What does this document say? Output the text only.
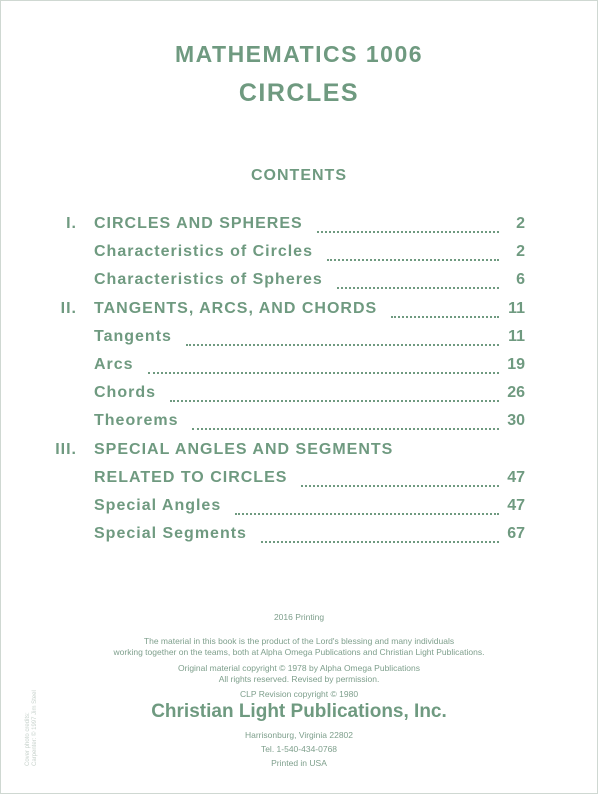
MATHEMATICS 1006
CIRCLES
CONTENTS
I. CIRCLES AND SPHERES	2
Characteristics of Circles	2
Characteristics of Spheres	6
II. TANGENTS, ARCS, AND CHORDS	11
Tangents	11
Arcs	19
Chords	26
Theorems	30
III. SPECIAL ANGLES AND SEGMENTS
RELATED TO CIRCLES	47
Special Angles	47
Special Segments	67
2016 Printing
The material in this book is the product of the Lord's blessing and many individuals
working together on the teams, both at Alpha Omega Publications and Christian Light Publications.
Original material copyright © 1978 by Alpha Omega Publications
All rights reserved. Revised by permission.
CLP Revision copyright © 1980
Christian Light Publications, Inc.
Harrisonburg, Virginia 22802
Tel. 1-540-434-0768
Printed in USA
Cover photo credits: Carpenter: © 1997 Jim Steel
